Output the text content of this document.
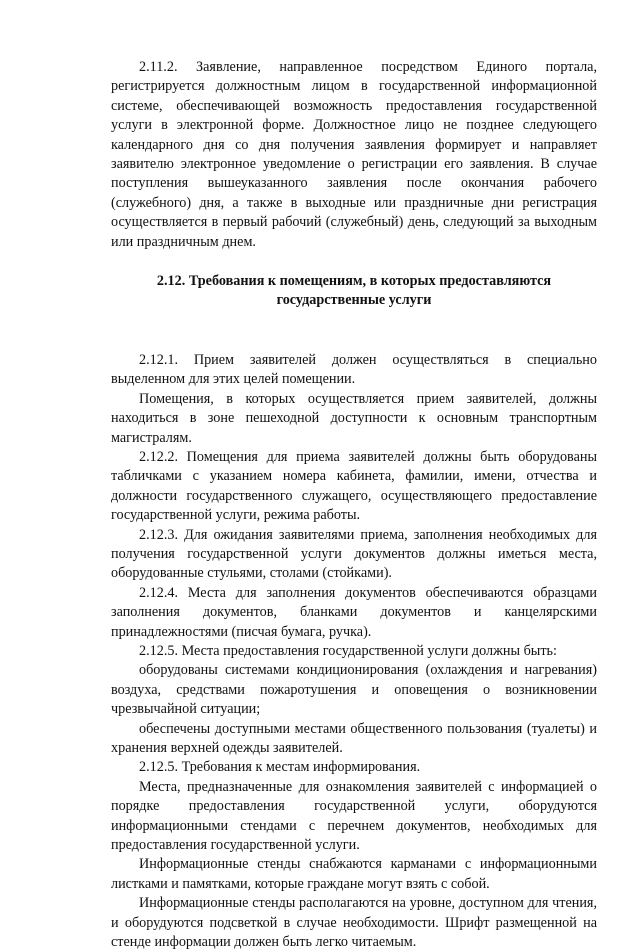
2.11.2. Заявление, направленное посредством Единого портала, регистрируется должностным лицом в государственной информационной системе, обеспечивающей возможность предоставления государственной услуги в электронной форме. Должностное лицо не позднее следующего календарного дня со дня получения заявления формирует и направляет заявителю электронное уведомление о регистрации его заявления. В случае поступления вышеуказанного заявления после окончания рабочего (служебного) дня, а также в выходные или праздничные дни регистрация осуществляется в первый рабочий (служебный) день, следующий за выходным или праздничным днем.

2.12. Требования к помещениям, в которых предоставляются

государственные услуги

2.12.1. Прием заявителей должен осуществляться в специально выделенном для этих целей помещении.

Помещения, в которых осуществляется прием заявителей, должны находиться в зоне пешеходной доступности к основным транспортным магистралям.

2.12.2. Помещения для приема заявителей должны быть оборудованы табличками с указанием номера кабинета, фамилии, имени, отчества и должности государственного служащего, осуществляющего предоставление государственной услуги, режима работы.

2.12.3. Для ожидания заявителями приема, заполнения необходимых для получения государственной услуги документов должны иметься места, оборудованные стульями, столами (стойками).

2.12.4. Места для заполнения документов обеспечиваются образцами заполнения документов, бланками документов и канцелярскими принадлежностями (писчая бумага, ручка).

2.12.5. Места предоставления государственной услуги должны быть:

оборудованы системами кондиционирования (охлаждения и нагревания) воздуха, средствами пожаротушения и оповещения о возникновении чрезвычайной ситуации;

обеспечены доступными местами общественного пользования (туалеты) и хранения верхней одежды заявителей.

2.12.5. Требования к местам информирования.

Места, предназначенные для ознакомления заявителей с информацией о порядке предоставления государственной услуги, оборудуются информационными стендами с перечнем документов, необходимых для предоставления государственной услуги.

Информационные стенды снабжаются карманами с информационными листками и памятками, которые граждане могут взять с собой.

Информационные стенды располагаются на уровне, доступном для чтения, и оборудуются подсветкой в случае необходимости. Шрифт размещенной на стенде информации должен быть легко читаемым.
